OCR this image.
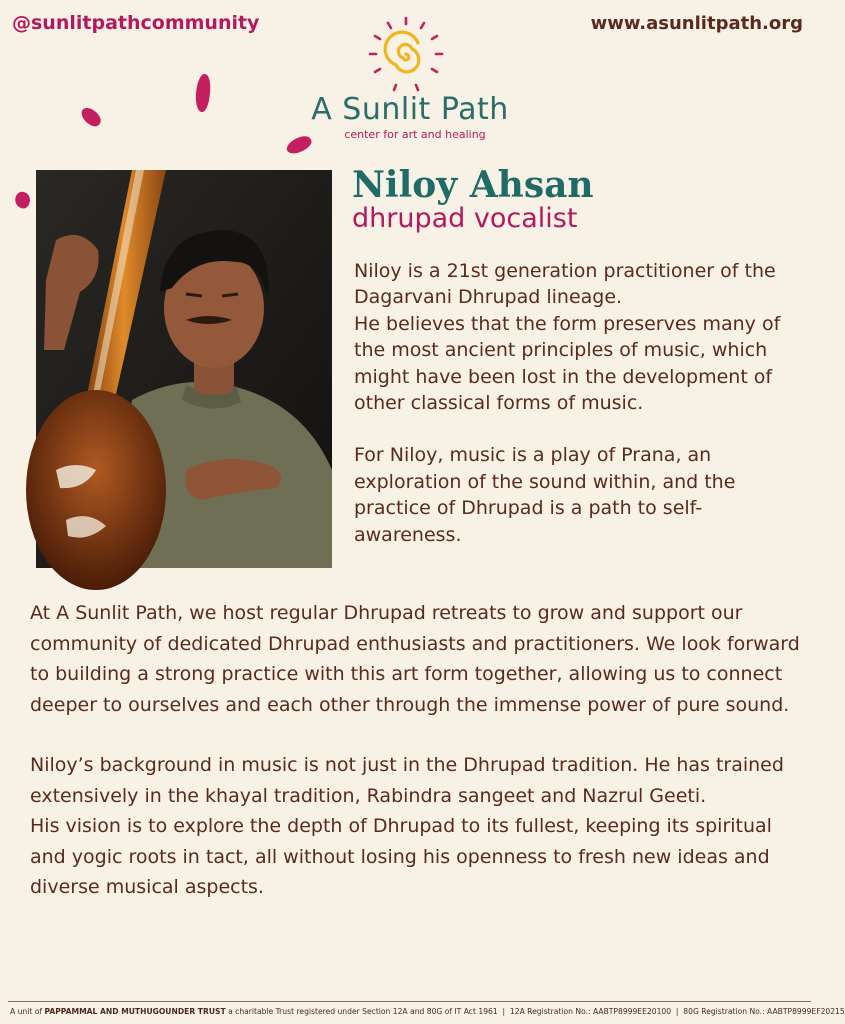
@sunlitpathcommunity	www.asunlitpath.org
A Sunlit Path
center for art and healing
Niloy Ahsan
dhrupad vocalist

Niloy is a 21st generation practitioner of the Dagarvani Dhrupad lineage.
He believes that the form preserves many of the most ancient principles of music, which might have been lost in the development of other classical forms of music.

For Niloy, music is a play of Prana, an exploration of the sound within, and the practice of Dhrupad is a path to self-awareness.

At A Sunlit Path, we host regular Dhrupad retreats to grow and support our community of dedicated Dhrupad enthusiasts and practitioners. We look forward to building a strong practice with this art form together, allowing us to connect deeper to ourselves and each other through the immense power of pure sound.

Niloy’s background in music is not just in the Dhrupad tradition. He has trained extensively in the khayal tradition, Rabindra sangeet and Nazrul Geeti.
His vision is to explore the depth of Dhrupad to its fullest, keeping its spiritual and yogic roots in tact, all without losing his openness to fresh new ideas and diverse musical aspects.

A unit of PAPPAMMAL AND MUTHUGOUNDER TRUST a charitable Trust registered under Section 12A and 80G of IT Act 1961  |  12A Registration No.: AABTP8999EE20100  |  80G Registration No.: AABTP8999EF20215
